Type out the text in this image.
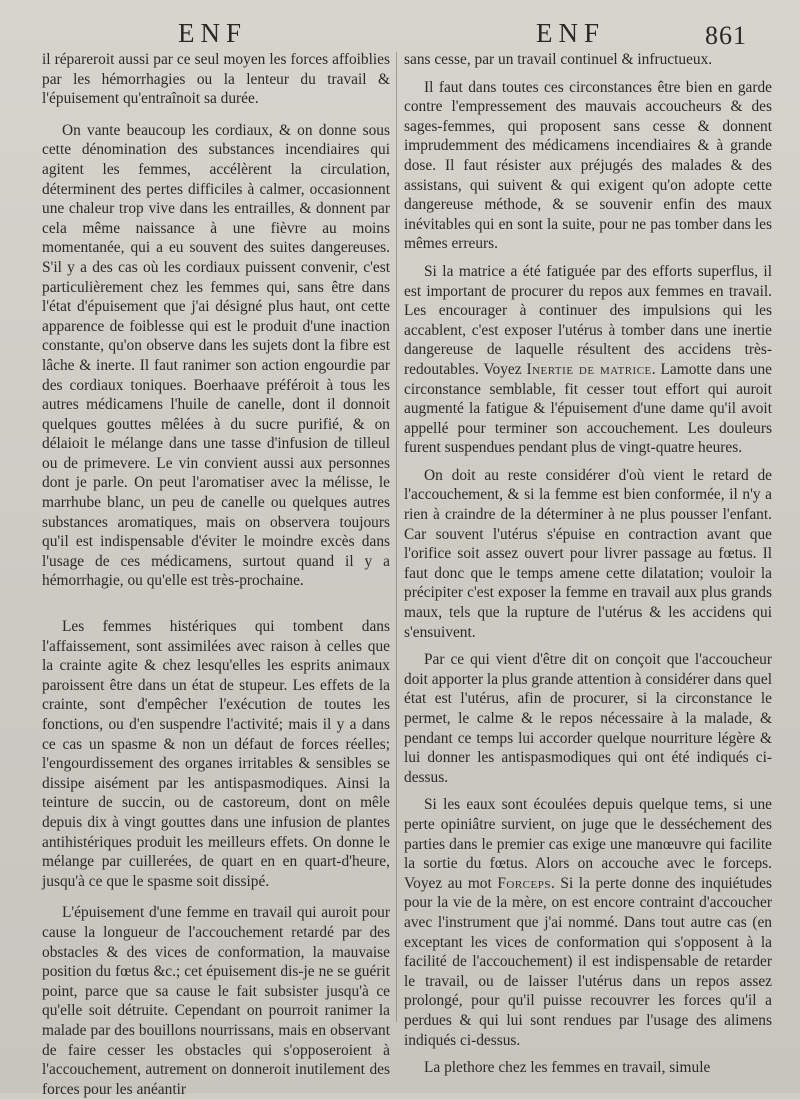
ENF	ENF	861

il répareroit aussi par ce seul moyen les forces affoiblies par les hémorrhagies ou la lenteur du travail & l'épuisement qu'entraînoit sa durée.

On vante beaucoup les cordiaux, & on donne sous cette dénomination des substances incendiaires qui agitent les femmes, accélèrent la circulation, déterminent des pertes difficiles à calmer, occasionnent une chaleur trop vive dans les entrailles, & donnent par cela même naissance à une fièvre au moins momentanée, qui a eu souvent des suites dangereuses. S'il y a des cas où les cordiaux puissent convenir, c'est particulièrement chez les femmes qui, sans être dans l'état d'épuisement que j'ai désigné plus haut, ont cette apparence de foiblesse qui est le produit d'une inaction constante, qu'on observe dans les sujets dont la fibre est lâche & inerte. Il faut ranimer son action engourdie par des cordiaux toniques. Boerhaave préféroit à tous les autres médicamens l'huile de canelle, dont il donnoit quelques gouttes mêlées à du sucre purifié, & on délaioit le mélange dans une tasse d'infusion de tilleul ou de primevere. Le vin convient aussi aux personnes dont je parle. On peut l'aromatiser avec la mélisse, le marrhube blanc, un peu de canelle ou quelques autres substances aromatiques, mais on observera toujours qu'il est indispensable d'éviter le moindre excès dans l'usage de ces médicamens, surtout quand il y a hémorrhagie, ou qu'elle est très-prochaine.

Les femmes histériques qui tombent dans l'affaissement, sont assimilées avec raison à celles que la crainte agite & chez lesqu'elles les esprits animaux paroissent être dans un état de stupeur. Les effets de la crainte, sont d'empêcher l'exécution de toutes les fonctions, ou d'en suspendre l'activité; mais il y a dans ce cas un spasme & non un défaut de forces réelles; l'engourdissement des organes irritables & sensibles se dissipe aisément par les antispasmodiques. Ainsi la teinture de succin, ou de castoreum, dont on mêle depuis dix à vingt gouttes dans une infusion de plantes antihistériques produit les meilleurs effets. On donne le mélange par cuillerées, de quart en en quart-d'heure, jusqu'à ce que le spasme soit dissipé.

L'épuisement d'une femme en travail qui auroit pour cause la longueur de l'accouchement retardé par des obstacles & des vices de conformation, la mauvaise position du fœtus &c.; cet épuisement dis-je ne se guérit point, parce que sa cause le fait subsister jusqu'à ce qu'elle soit détruite. Cependant on pourroit ranimer la malade par des bouillons nourrissans, mais en observant de faire cesser les obstacles qui s'opposeroient à l'accouchement, autrement on donneroit inutilement des forces pour les anéantir

sans cesse, par un travail continuel & infructueux.

Il faut dans toutes ces circonstances être bien en garde contre l'empressement des mauvais accoucheurs & des sages-femmes, qui proposent sans cesse & donnent imprudemment des médicamens incendiaires & à grande dose. Il faut résister aux préjugés des malades & des assistans, qui suivent & qui exigent qu'on adopte cette dangereuse méthode, & se souvenir enfin des maux inévitables qui en sont la suite, pour ne pas tomber dans les mêmes erreurs.

Si la matrice a été fatiguée par des efforts superflus, il est important de procurer du repos aux femmes en travail. Les encourager à continuer des impulsions qui les accablent, c'est exposer l'utérus à tomber dans une inertie dangereuse de laquelle résultent des accidens très-redoutables. Voyez Inertie de matrice. Lamotte dans une circonstance semblable, fit cesser tout effort qui auroit augmenté la fatigue & l'épuisement d'une dame qu'il avoit appellé pour terminer son accouchement. Les douleurs furent suspendues pendant plus de vingt-quatre heures.

On doit au reste considérer d'où vient le retard de l'accouchement, & si la femme est bien conformée, il n'y a rien à craindre de la déterminer à ne plus pousser l'enfant. Car souvent l'utérus s'épuise en contraction avant que l'orifice soit assez ouvert pour livrer passage au fœtus. Il faut donc que le temps amene cette dilatation; vouloir la précipiter c'est exposer la femme en travail aux plus grands maux, tels que la rupture de l'utérus & les accidens qui s'ensuivent.

Par ce qui vient d'être dit on conçoit que l'accoucheur doit apporter la plus grande attention à considérer dans quel état est l'utérus, afin de procurer, si la circonstance le permet, le calme & le repos nécessaire à la malade, & pendant ce temps lui accorder quelque nourriture légère & lui donner les antispasmodiques qui ont été indiqués ci-dessus.

Si les eaux sont écoulées depuis quelque tems, si une perte opiniâtre survient, on juge que le desséchement des parties dans le premier cas exige une manœuvre qui facilite la sortie du fœtus. Alors on accouche avec le forceps. Voyez au mot Forceps. Si la perte donne des inquiétudes pour la vie de la mère, on est encore contraint d'accoucher avec l'instrument que j'ai nommé. Dans tout autre cas (en exceptant les vices de conformation qui s'opposent à la facilité de l'accouchement) il est indispensable de retarder le travail, ou de laisser l'utérus dans un repos assez prolongé, pour qu'il puisse recouvrer les forces qu'il a perdues & qui lui sont rendues par l'usage des alimens indiqués ci-dessus.

La plethore chez les femmes en travail, simule
